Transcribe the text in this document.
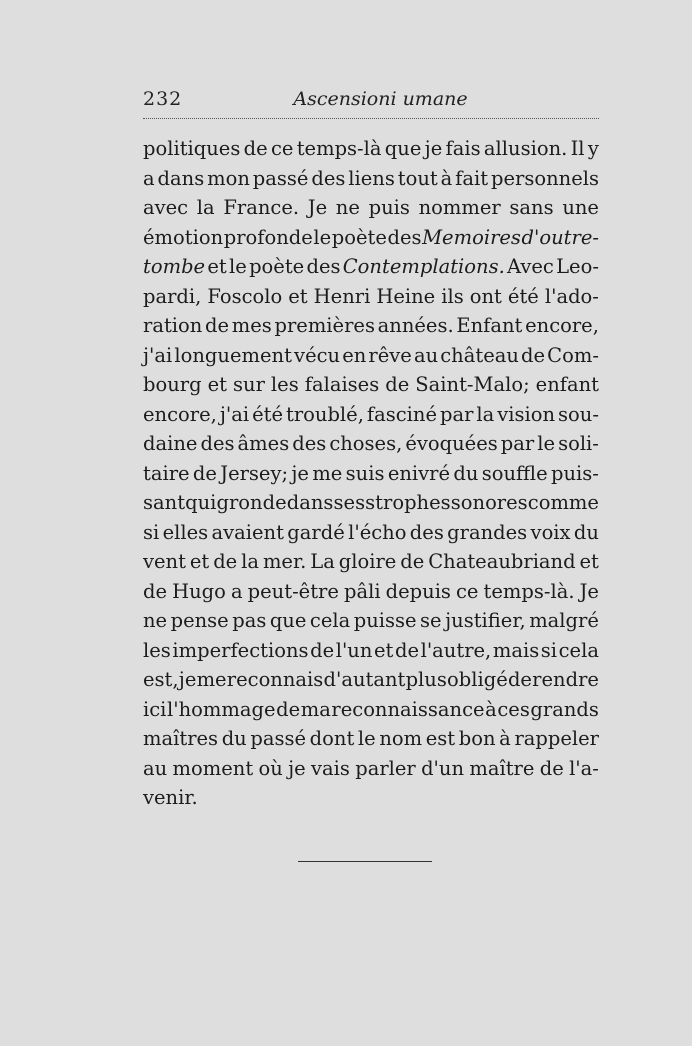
232	Ascensioni umane
politiques de ce temps-là que je fais allusion. Il y
a dans mon passé des liens tout à fait personnels
avec la France. Je ne puis nommer sans une
émotion profonde le poète des Memoires d'outre-
tombe et le poète des Contemplations. Avec Leo-
pardi, Foscolo et Henri Heine ils ont été l'ado-
ration de mes premières années. Enfant encore,
j'ai longuement vécu en rêve au château de Com-
bourg et sur les falaises de Saint-Malo; enfant
encore, j'ai été troublé, fasciné par la vision sou-
daine des âmes des choses, évoquées par le soli-
taire de Jersey; je me suis enivré du souffle puis-
sant qui gronde dans ses strophes sonores comme
si elles avaient gardé l'écho des grandes voix du
vent et de la mer. La gloire de Chateaubriand et
de Hugo a peut-être pâli depuis ce temps-là. Je
ne pense pas que cela puisse se justifier, malgré
les imperfections de l'un et de l'autre, mais si cela
est, je me reconnais d'autant plus obligé de rendre
ici l'hommage de ma reconnaissance à ces grands
maîtres du passé dont le nom est bon à rappeler
au moment où je vais parler d'un maître de l'a-
venir.
